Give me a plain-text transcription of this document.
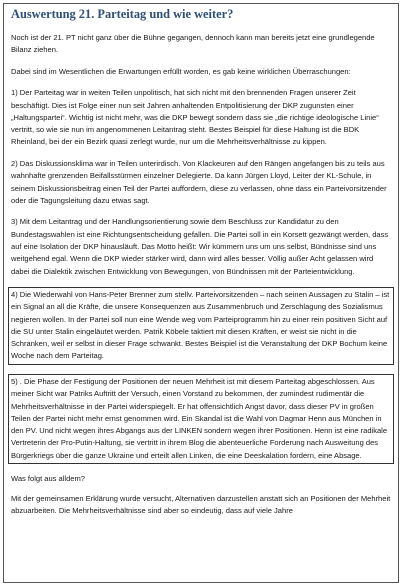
Auswertung 21. Parteitag und wie weiter?

Noch ist der 21. PT nicht ganz über die Bühne gegangen, dennoch kann man bereits jetzt eine grundlegende Bilanz ziehen.

Dabei sind im Wesentlichen die Erwartungen erfüllt worden, es gab keine wirklichen Überraschungen:

1) Der Parteitag war in weiten Teilen unpolitisch, hat sich nicht mit den brennenden Fragen unserer Zeit beschäftigt. Dies ist Folge einer nun seit Jahren anhaltenden Entpolitisierung der DKP zugunsten einer „Haltungspartei“. Wichtig ist nicht mehr, was die DKP bewegt sondern dass sie „die richtige ideologische Linie“ vertritt, so wie sie nun im angenommenen Leitantrag steht. Bestes Beispiel für diese Haltung ist die BDK Rheinland, bei der ein Bezirk quasi zerlegt wurde, nur um die Mehrheitsverhältnisse zu kippen.

2) Das Diskussionsklima war in Teilen unterirdisch. Von Klackeuren auf den Rängen angefangen bis zu teils aus wahnhafte grenzenden Beifallsstürmen einzelner Delegierte. Da kann Jürgen Lloyd, Leiter der KL-Schule, in seinem Diskussionsbeitrag einen Teil der Partei auffordern, diese zu verlassen, ohne dass ein Parteivorsitzender oder die Tagungsleitung dazu etwas sagt.

3) Mit dem Leitantrag und der Handlungsorientierung sowie dem Beschluss zur Kandidatur zu den Bundestagswahlen ist eine Richtungsentscheidung gefallen. Die Partei soll in ein Korsett gezwängt werden, dass auf eine Isolation der DKP hinausläuft. Das Motto heißt: Wir kümmern uns um uns selbst, Bündnisse sind uns weitgehend egal. Wenn die DKP wieder stärker wird, dann wird alles besser. Völlig außer Acht gelassen wird dabei die Dialektik zwischen Entwicklung von Bewegungen, von Bündnissen mit der Parteientwicklung.

4) Die Wiederwahl von Hans-Peter Brenner zum stellv. Parteivorsitzenden – nach seinen Aussagen zu Stalin – ist ein Signal an all die Kräfte, die unsere Konsequenzen aus Zusammenbruch und Zerschlagung des Sozialismus negieren wollen. In der Partei soll nun eine Wende weg vom Parteiprogramm hin zu einer rein positiven Sicht auf die SU unter Stalin eingeläutet werden. Patrik Köbele taktiert mit diesen Kräften, er weist sie nicht in die Schranken, weil er selbst in dieser Frage schwankt. Bestes Beispiel ist die Veranstaltung der DKP Bochum keine Woche nach dem Parteitag.

5) . Die Phase der Festigung der Positionen der neuen Mehrheit ist mit diesem Parteitag abgeschlossen. Aus meiner Sicht war Patriks Auftritt der Versuch, einen Vorstand zu bekommen, der zumindest rudimentär die Mehrheitsverhältnisse in der Partei widerspiegelt. Er hat offensichtlich Angst davor, dass dieser PV in großen Teilen der Partei nicht mehr ernst genommen wird. Ein Skandal ist die Wahl von Dagmar Henn aus München in den PV. Und nicht wegen ihres Abgangs aus der LINKEN sondern wegen ihrer Positionen. Henn ist eine radikale Vertreterin der Pro-Putin-Haltung, sie vertritt in ihrem Blog die abenteuerliche Forderung nach Ausweitung des Bürgerkriegs über die ganze Ukraine und erteilt allen Linken, die eine Deeskalation fordern, eine Absage.

Was folgt aus alldem?

Mit der gemeinsamen Erklärung wurde versucht, Alternativen darzustellen anstatt sich an Positionen der Mehrheit abzuarbeiten. Die Mehrheitsverhältnisse sind aber so eindeutig, dass auf viele Jahre
